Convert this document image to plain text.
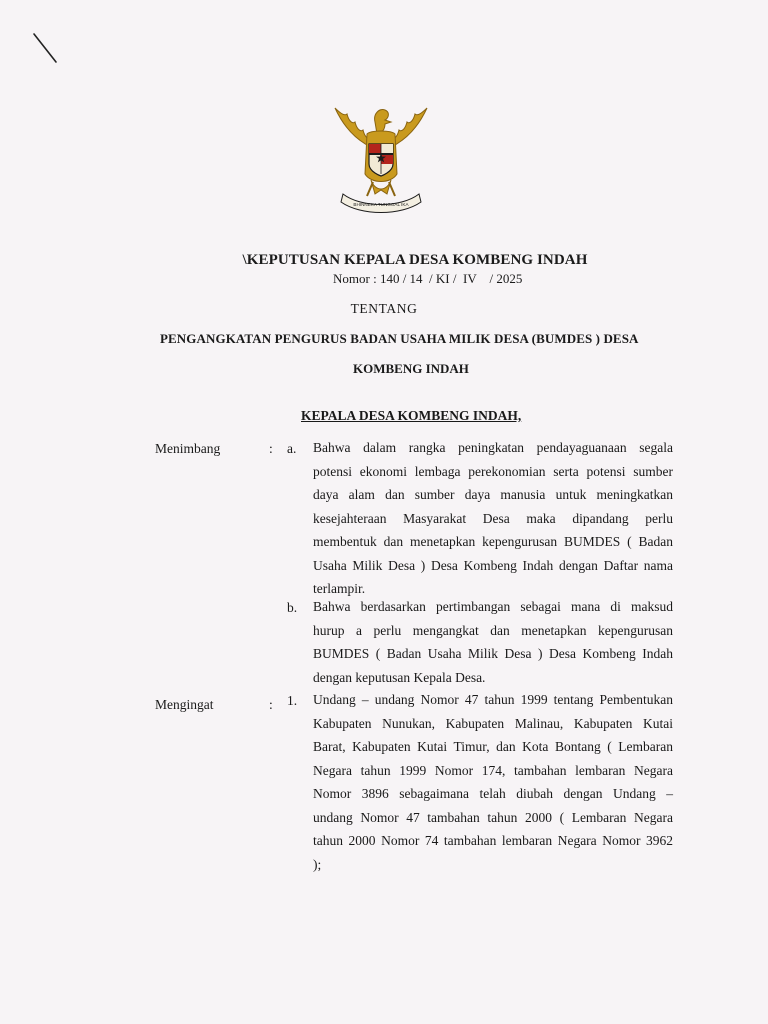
BHINNEKA TUNGGAL IKA
\KEPUTUSAN KEPALA DESA KOMBENG INDAH
Nomor : 140 / 14  / KI /  IV    / 2025
TENTANG
PENGANGKATAN PENGURUS BADAN USAHA MILIK DESA (BUMDES ) DESA
KOMBENG INDAH
KEPALA DESA KOMBENG INDAH,
Menimbang	: a. Bahwa dalam rangka peningkatan pendayaguanaan segala
potensi ekonomi lembaga perekonomian serta potensi sumber
daya alam dan sumber daya manusia untuk meningkatkan
kesejahteraan Masyarakat Desa maka dipandang perlu
membentuk dan menetapkan kepengurusan BUMDES ( Badan
Usaha Milik Desa ) Desa Kombeng Indah dengan Daftar nama
terlampir.
b. Bahwa berdasarkan pertimbangan sebagai mana di maksud
hurup a perlu mengangkat dan menetapkan kepengurusan
BUMDES ( Badan Usaha Milik Desa ) Desa Kombeng Indah
dengan keputusan Kepala Desa.
Mengingat	: 1. Undang – undang Nomor 47 tahun 1999 tentang Pembentukan
Kabupaten Nunukan, Kabupaten Malinau, Kabupaten Kutai
Barat, Kabupaten Kutai Timur, dan Kota Bontang ( Lembaran
Negara tahun 1999 Nomor 174, tambahan lembaran Negara
Nomor 3896 sebagaimana telah diubah dengan Undang –
undang Nomor 47 tambahan tahun 2000 ( Lembaran Negara
tahun 2000 Nomor 74 tambahan lembaran Negara Nomor 3962
);
